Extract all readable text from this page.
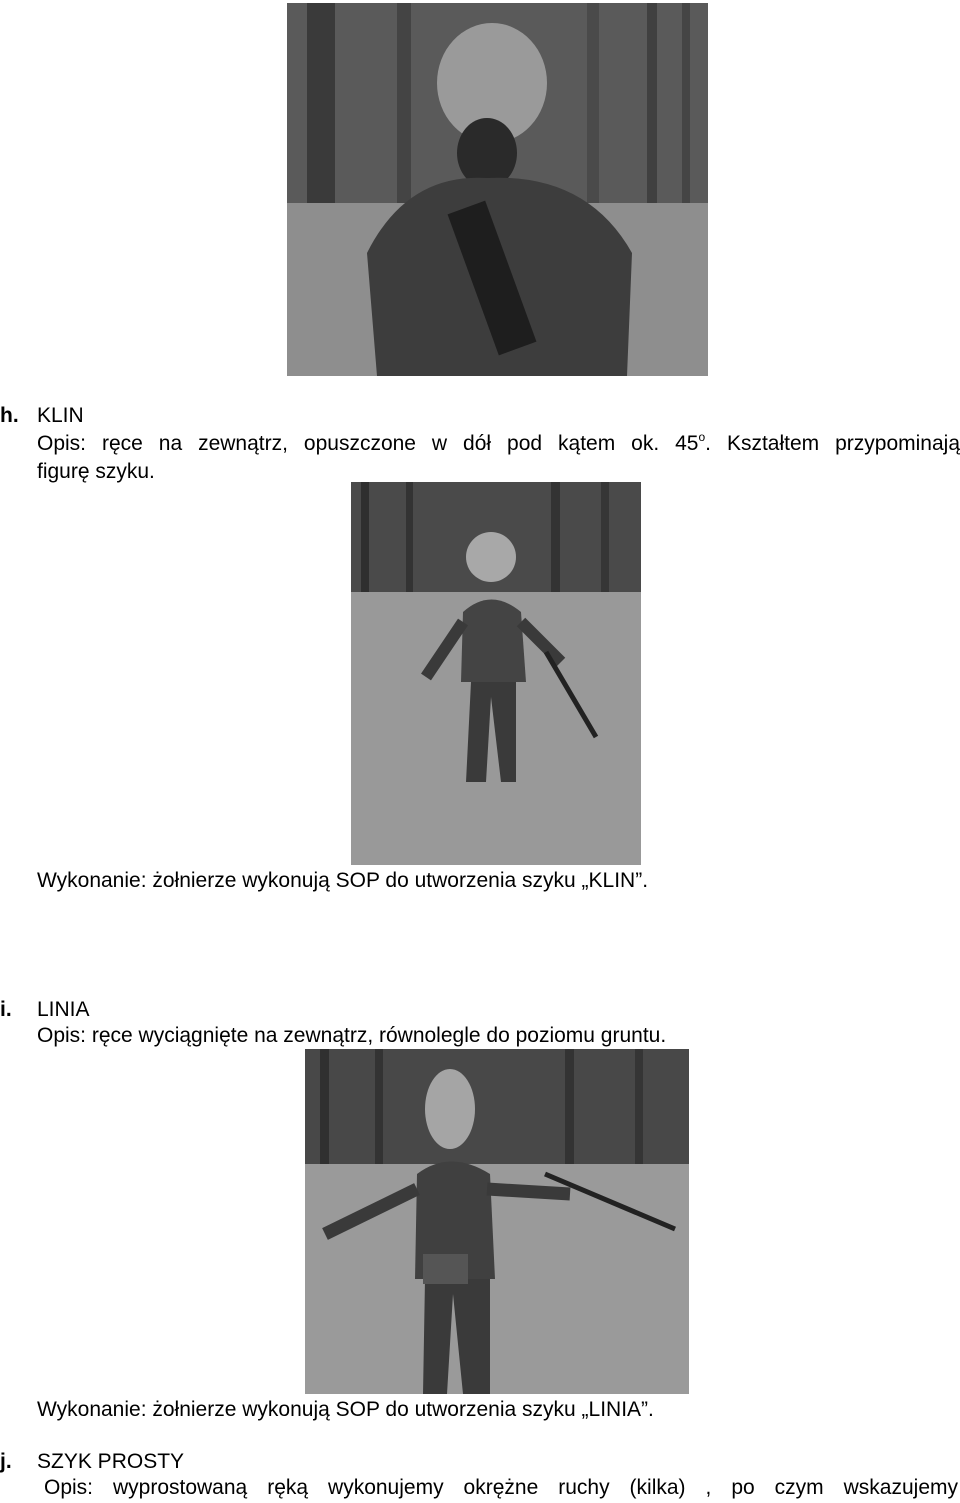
h. KLIN
Opis: ręce na zewnątrz, opuszczone w dół pod kątem ok. 45$^o$. Kształtem przypominają
figurę szyku.
Wykonanie: żołnierze wykonują SOP do utworzenia szyku „KLIN”.
i. LINIA
Opis: ręce wyciągnięte na zewnątrz, równolegle do poziomu gruntu.
Wykonanie: żołnierze wykonują SOP do utworzenia szyku „LINIA”.
j. SZYK PROSTY
Opis: wyprostowaną ręką wykonujemy okrężne ruchy (kilka) , po czym wskazujemy
